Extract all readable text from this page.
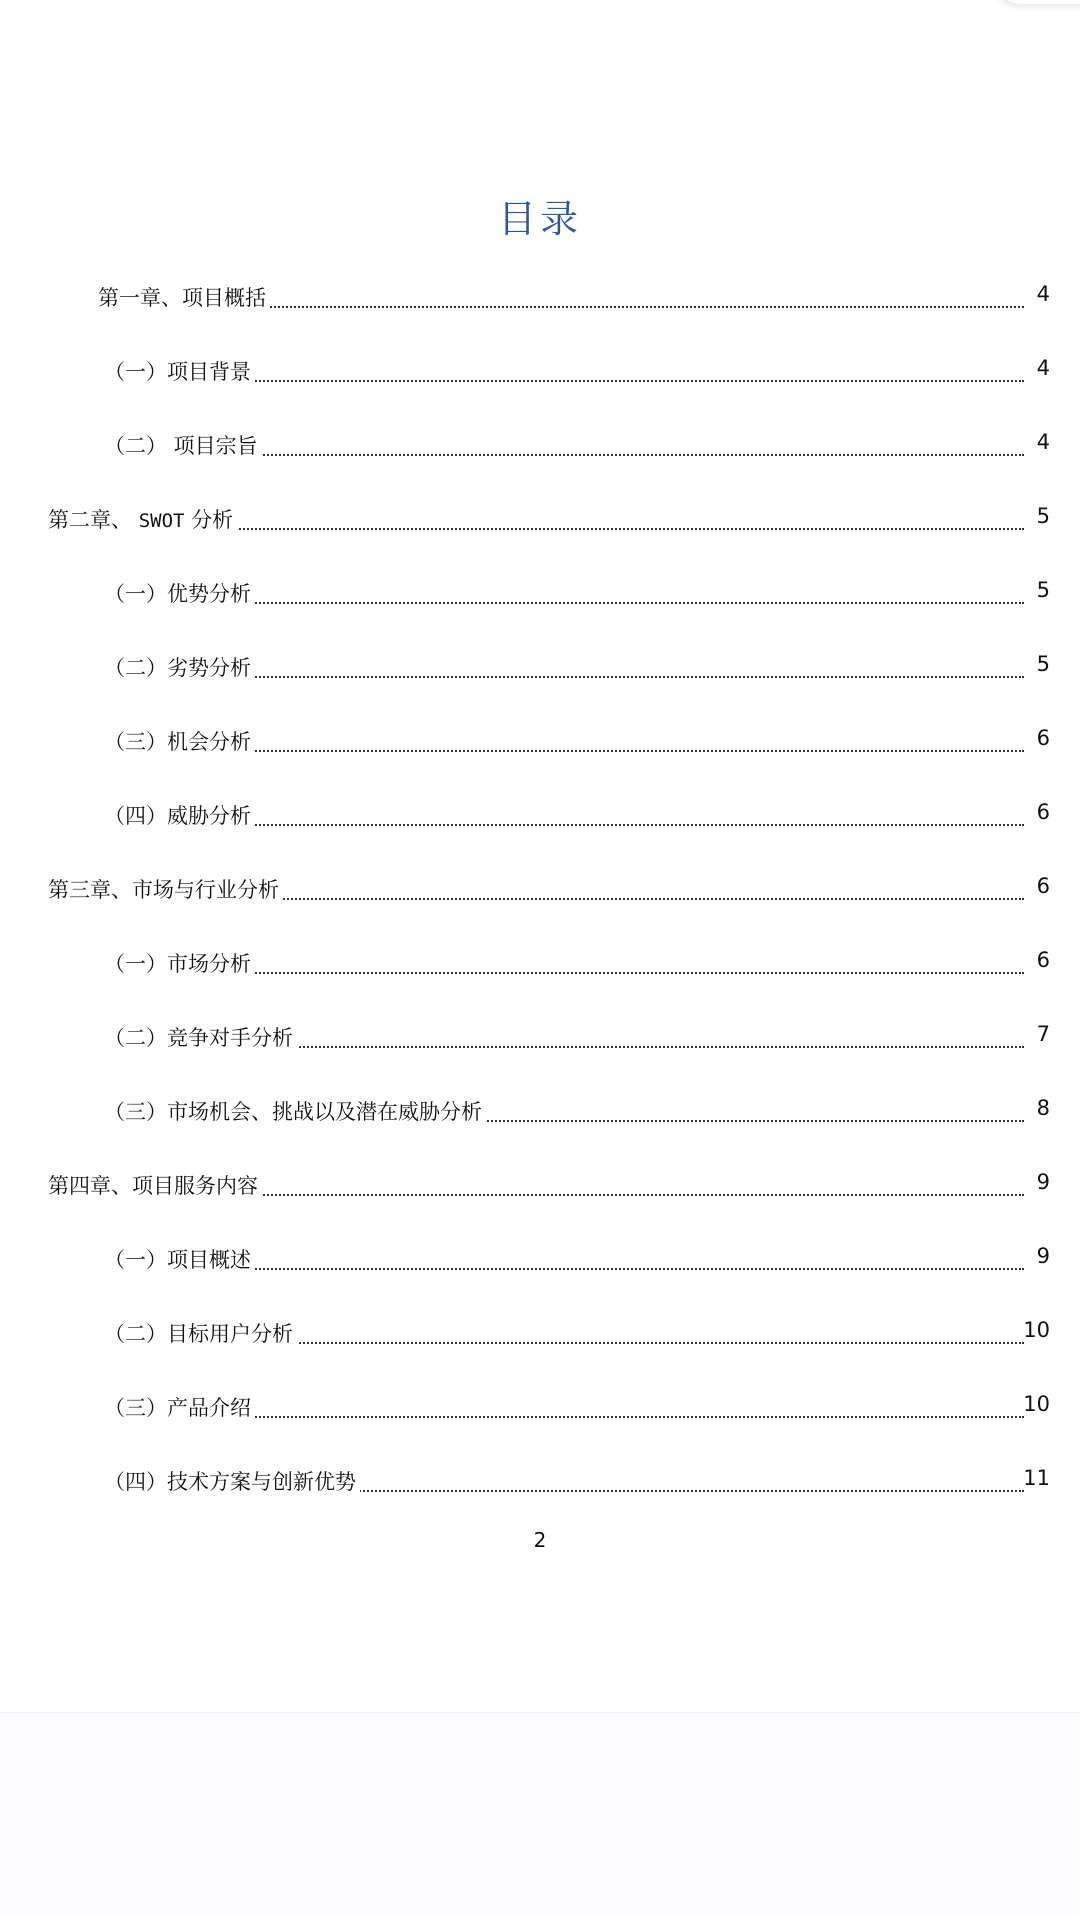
目录
第一章、项目概括	4
（一）项目背景	4
（二） 项目宗旨	4
第二章、 SWOT 分析	5
（一）优势分析	5
（二）劣势分析	5
（三）机会分析	6
（四）威胁分析	6
第三章、市场与行业分析	6
（一）市场分析	6
（二）竞争对手分析	7
（三）市场机会、挑战以及潜在威胁分析	8
第四章、项目服务内容	9
（一）项目概述	9
（二）目标用户分析	10
（三）产品介绍	10
（四）技术方案与创新优势	11
2
